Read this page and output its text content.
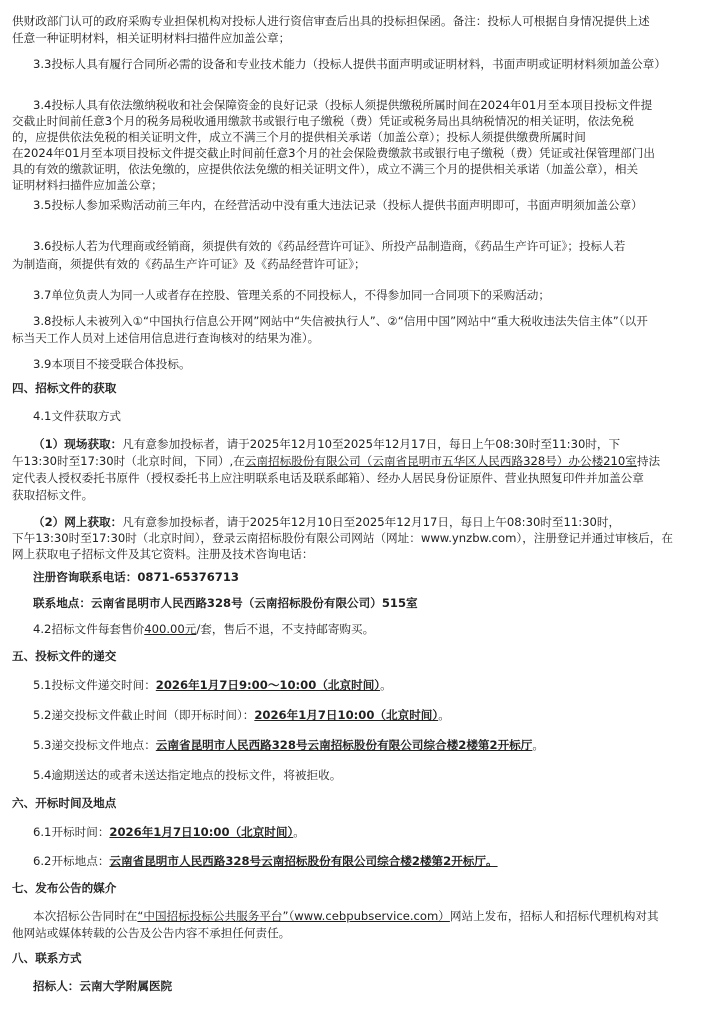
供财政部门认可的政府采购专业担保机构对投标人进行资信审查后出具的投标担保函。备注：投标人可根据自身情况提供上述
任意一种证明材料，相关证明材料扫描件应加盖公章；
3.3投标人具有履行合同所必需的设备和专业技术能力（投标人提供书面声明或证明材料，书面声明或证明材料须加盖公章）
3.4投标人具有依法缴纳税收和社会保障资金的良好记录（投标人须提供缴税所属时间在2024年01月至本项目投标文件提
交截止时间前任意3个月的税务局税收通用缴款书或银行电子缴税（费）凭证或税务局出具纳税情况的相关证明，依法免税
的，应提供依法免税的相关证明文件，成立不满三个月的提供相关承诺（加盖公章）；投标人须提供缴费所属时间
在2024年01月至本项目投标文件提交截止时间前任意3个月的社会保险费缴款书或银行电子缴税（费）凭证或社保管理部门出
具的有效的缴款证明，依法免缴的，应提供依法免缴的相关证明文件），成立不满三个月的提供相关承诺（加盖公章），相关
证明材料扫描件应加盖公章；
3.5投标人参加采购活动前三年内，在经营活动中没有重大违法记录（投标人提供书面声明即可，书面声明须加盖公章）
3.6投标人若为代理商或经销商，须提供有效的《药品经营许可证》、所投产品制造商，《药品生产许可证》；投标人若
为制造商，须提供有效的《药品生产许可证》及《药品经营许可证》；
3.7单位负责人为同一人或者存在控股、管理关系的不同投标人，不得参加同一合同项下的采购活动；
3.8投标人未被列入①“中国执行信息公开网”网站中“失信被执行人”、②“信用中国”网站中“重大税收违法失信主体”（以开
标当天工作人员对上述信用信息进行查询核对的结果为准）。
3.9本项目不接受联合体投标。
四、招标文件的获取
4.1文件获取方式
（1）现场获取：凡有意参加投标者，请于2025年12月10至2025年12月17日，每日上午08:30时至11:30时，下
午13:30时至17:30时（北京时间，下同）,在云南招标股份有限公司（云南省昆明市五华区人民西路328号）办公楼210室持法
定代表人授权委托书原件（授权委托书上应注明联系电话及联系邮箱）、经办人居民身份证原件、营业执照复印件并加盖公章
获取招标文件。
（2）网上获取：凡有意参加投标者，请于2025年12月10日至2025年12月17日，每日上午08:30时至11:30时，
下午13:30时至17:30时（北京时间），登录云南招标股份有限公司网站（网址：www.ynzbw.com），注册登记并通过审核后，在
网上获取电子招标文件及其它资料。注册及技术咨询电话：
注册咨询联系电话：0871-65376713
联系地点：云南省昆明市人民西路328号（云南招标股份有限公司）515室
4.2招标文件每套售价400.00元/套，售后不退，不支持邮寄购买。
五、投标文件的递交
5.1投标文件递交时间：2026年1月7日9:00～10:00（北京时间）。
5.2递交投标文件截止时间（即开标时间）：2026年1月7日10:00（北京时间）。
5.3递交投标文件地点：云南省昆明市人民西路328号云南招标股份有限公司综合楼2楼第2开标厅。
5.4逾期送达的或者未送达指定地点的投标文件，将被拒收。
六、开标时间及地点
6.1开标时间：2026年1月7日10:00（北京时间）。
6.2开标地点：云南省昆明市人民西路328号云南招标股份有限公司综合楼2楼第2开标厅。
七、发布公告的媒介
本次招标公告同时在“中国招标投标公共服务平台”（www.cebpubservice.com）网站上发布，招标人和招标代理机构对其
他网站或媒体转载的公告及公告内容不承担任何责任。
八、联系方式
招标人：云南大学附属医院
